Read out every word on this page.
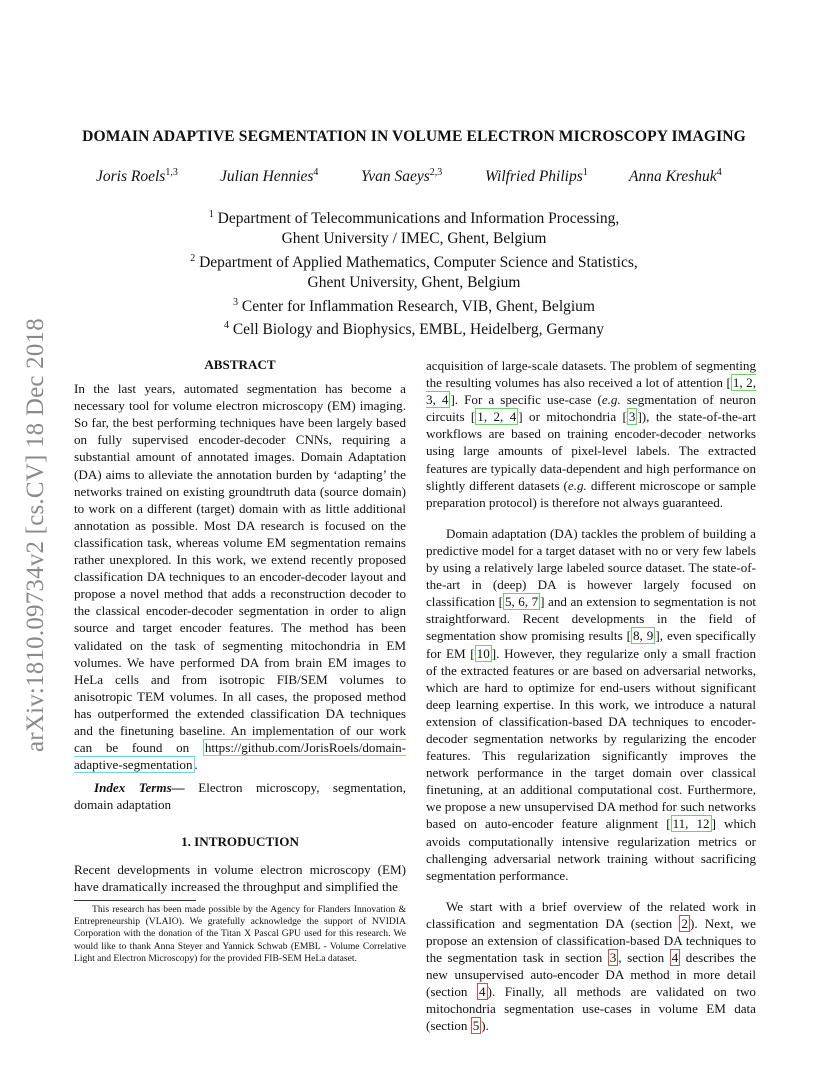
arXiv:1810.09734v2 [cs.CV] 18 Dec 2018
DOMAIN ADAPTIVE SEGMENTATION IN VOLUME ELECTRON MICROSCOPY IMAGING
Joris Roels$^{1,3}$	Julian Hennies$^4$	Yvan Saeys$^{2,3}$	Wilfried Philips$^1$	Anna Kreshuk$^4$
$^1$ Department of Telecommunications and Information Processing,
Ghent University / IMEC, Ghent, Belgium
$^2$ Department of Applied Mathematics, Computer Science and Statistics,
Ghent University, Ghent, Belgium
$^3$ Center for Inflammation Research, VIB, Ghent, Belgium
$^4$ Cell Biology and Biophysics, EMBL, Heidelberg, Germany
ABSTRACT

In the last years, automated segmentation has become a necessary tool for volume electron microscopy (EM) imaging. So far, the best performing techniques have been largely based on fully supervised encoder-decoder CNNs, requiring a substantial amount of annotated images. Domain Adaptation (DA) aims to alleviate the annotation burden by ‘adapting’ the networks trained on existing groundtruth data (source domain) to work on a different (target) domain with as little additional annotation as possible. Most DA research is focused on the classification task, whereas volume EM segmentation remains rather unexplored. In this work, we extend recently proposed classification DA techniques to an encoder-decoder layout and propose a novel method that adds a reconstruction decoder to the classical encoder-decoder segmentation in order to align source and target encoder features. The method has been validated on the task of segmenting mitochondria in EM volumes. We have performed DA from brain EM images to HeLa cells and from isotropic FIB/SEM volumes to anisotropic TEM volumes. In all cases, the proposed method has outperformed the extended classification DA techniques and the finetuning baseline. An implementation of our work can be found on https://github.com/JorisRoels/domain-adaptive-segmentation .

Index Terms— Electron microscopy, segmentation, domain adaptation

1. INTRODUCTION

Recent developments in volume electron microscopy (EM) have dramatically increased the throughput and simplified the

This research has been made possible by the Agency for Flanders Innovation & Entrepreneurship (VLAIO). We gratefully acknowledge the support of NVIDIA Corporation with the donation of the Titan X Pascal GPU used for this research. We would like to thank Anna Steyer and Yannick Schwab (EMBL - Volume Correlative Light and Electron Microscopy) for the provided FIB-SEM HeLa dataset.

acquisition of large-scale datasets. The problem of segmenting the resulting volumes has also received a lot of attention [ 1, 2, 3, 4 ]. For a specific use-case (e.g. segmentation of neuron circuits [ 1, 2, 4 ] or mitochondria [ 3 ]), the state-of-the-art workflows are based on training encoder-decoder networks using large amounts of pixel-level labels. The extracted features are typically data-dependent and high performance on slightly different datasets (e.g. different microscope or sample preparation protocol) is therefore not always guaranteed.

Domain adaptation (DA) tackles the problem of building a predictive model for a target dataset with no or very few labels by using a relatively large labeled source dataset. The state-of-the-art in (deep) DA is however largely focused on classification [ 5, 6, 7 ] and an extension to segmentation is not straightforward. Recent developments in the field of segmentation show promising results [ 8, 9 ], even specifically for EM [ 10 ]. However, they regularize only a small fraction of the extracted features or are based on adversarial networks, which are hard to optimize for end-users without significant deep learning expertise. In this work, we introduce a natural extension of classification-based DA techniques to encoder-decoder segmentation networks by regularizing the encoder features. This regularization significantly improves the network performance in the target domain over classical finetuning, at an additional computational cost. Furthermore, we propose a new unsupervised DA method for such networks based on auto-encoder feature alignment [ 11, 12 ] which avoids computationally intensive regularization metrics or challenging adversarial network training without sacrificing segmentation performance.

We start with a brief overview of the related work in classification and segmentation DA (section 2 ). Next, we propose an extension of classification-based DA techniques to the segmentation task in section 3 , section 4 describes the new unsupervised auto-encoder DA method in more detail (section 4 ). Finally, all methods are validated on two mitochondria segmentation use-cases in volume EM data (section 5 ).
